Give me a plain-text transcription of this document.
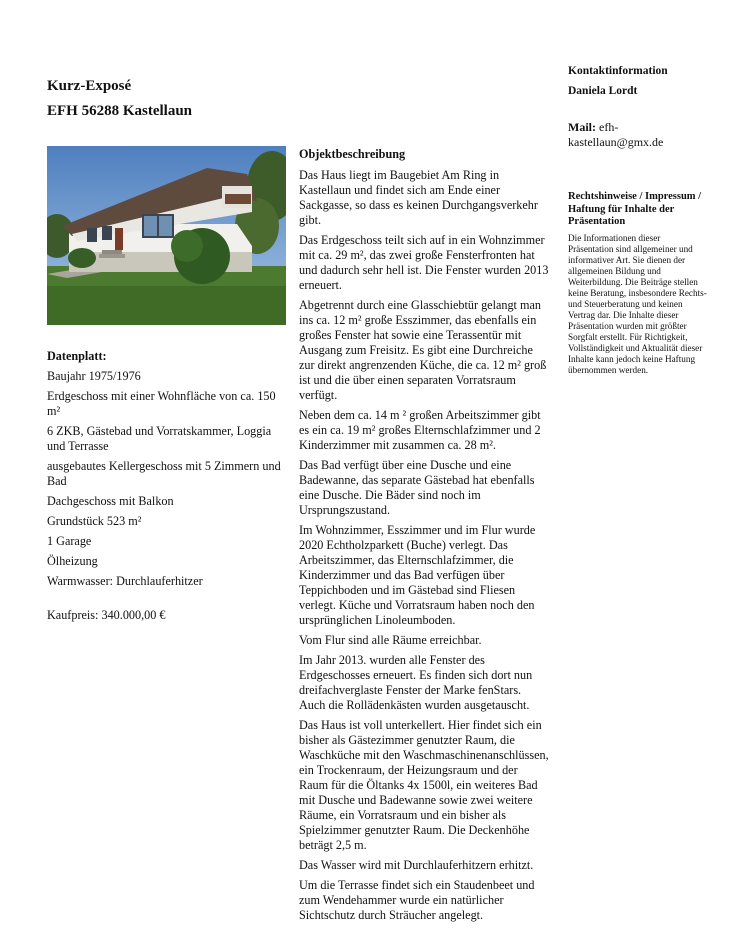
Kurz-Exposé
EFH 56288 Kastellaun
Datenplatt:
Baujahr 1975/1976
Erdgeschoss mit einer Wohnfläche von ca. 150 m²
6 ZKB, Gästebad und Vorratskammer, Loggia und Terrasse
ausgebautes Kellergeschoss mit 5 Zimmern und Bad
Dachgeschoss mit Balkon
Grundstück 523 m²
1 Garage
Ölheizung
Warmwasser: Durchlauferhitzer
Kaufpreis: 340.000,00 €
Objektbeschreibung

Das Haus liegt im Baugebiet Am Ring in Kastellaun und findet sich am Ende einer Sackgasse, so dass es keinen Durchgangsverkehr gibt.

Das Erdgeschoss teilt sich auf in ein Wohnzimmer mit ca. 29 m², das zwei große Fensterfronten hat und dadurch sehr hell ist. Die Fenster wurden 2013 erneuert.

Abgetrennt durch eine Glasschiebtür gelangt man ins ca. 12 m² große Esszimmer, das ebenfalls ein großes Fenster hat sowie eine Terassentür mit Ausgang zum Freisitz. Es gibt eine Durchreiche zur direkt angrenzenden Küche, die ca. 12 m² groß ist und die über einen separaten Vorratsraum verfügt.

Neben dem ca. 14 m ² großen Arbeitszimmer gibt es ein ca. 19 m² großes Elternschlafzimmer und 2 Kinderzimmer mit zusammen ca. 28 m².

Das Bad verfügt über eine Dusche und eine Badewanne, das separate Gästebad hat ebenfalls eine Dusche. Die Bäder sind noch im Ursprungszustand.

Im Wohnzimmer, Esszimmer und im Flur wurde 2020 Echtholzparkett (Buche) verlegt. Das Arbeitszimmer, das Elternschlafzimmer, die Kinderzimmer und das Bad verfügen über Teppichboden und im Gästebad sind Fliesen verlegt. Küche und Vorratsraum haben noch den ursprünglichen Linoleumboden.

Vom Flur sind alle Räume erreichbar.

Im Jahr 2013. wurden alle Fenster des Erdgeschosses erneuert. Es finden sich dort nun dreifachverglaste Fenster der Marke fenStars. Auch die Rollädenkästen wurden ausgetauscht.

Das Haus ist voll unterkellert. Hier findet sich ein bisher als Gästezimmer genutzter Raum, die Waschküche mit den Waschmaschinenanschlüssen, ein Trockenraum, der Heizungsraum und der Raum für die Öltanks 4x 1500l, ein weiteres Bad mit Dusche und Badewanne sowie zwei weitere Räume, ein Vorratsraum und ein bisher als Spielzimmer genutzter Raum. Die Deckenhöhe beträgt 2,5 m.

Das Wasser wird mit Durchlauferhitzern erhitzt.

Um die Terrasse findet sich ein Staudenbeet und zum Wendehammer wurde ein natürlicher Sichtschutz durch Sträucher angelegt.

Kontaktinformation
Daniela Lordt
Mail: efh-kastellaun@gmx.de
Rechtshinweise / Impressum / Haftung für Inhalte der Präsentation
Die Informationen dieser Präsentation sind allgemeiner und informativer Art. Sie dienen der allgemeinen Bildung und Weiterbildung. Die Beiträge stellen keine Beratung, insbesondere Rechts- und Steuerberatung und keinen Vertrag dar. Die Inhalte dieser Präsentation wurden mit größter Sorgfalt erstellt. Für Richtigkeit, Vollständigkeit und Aktualität dieser Inhalte kann jedoch keine Haftung übernommen werden.
